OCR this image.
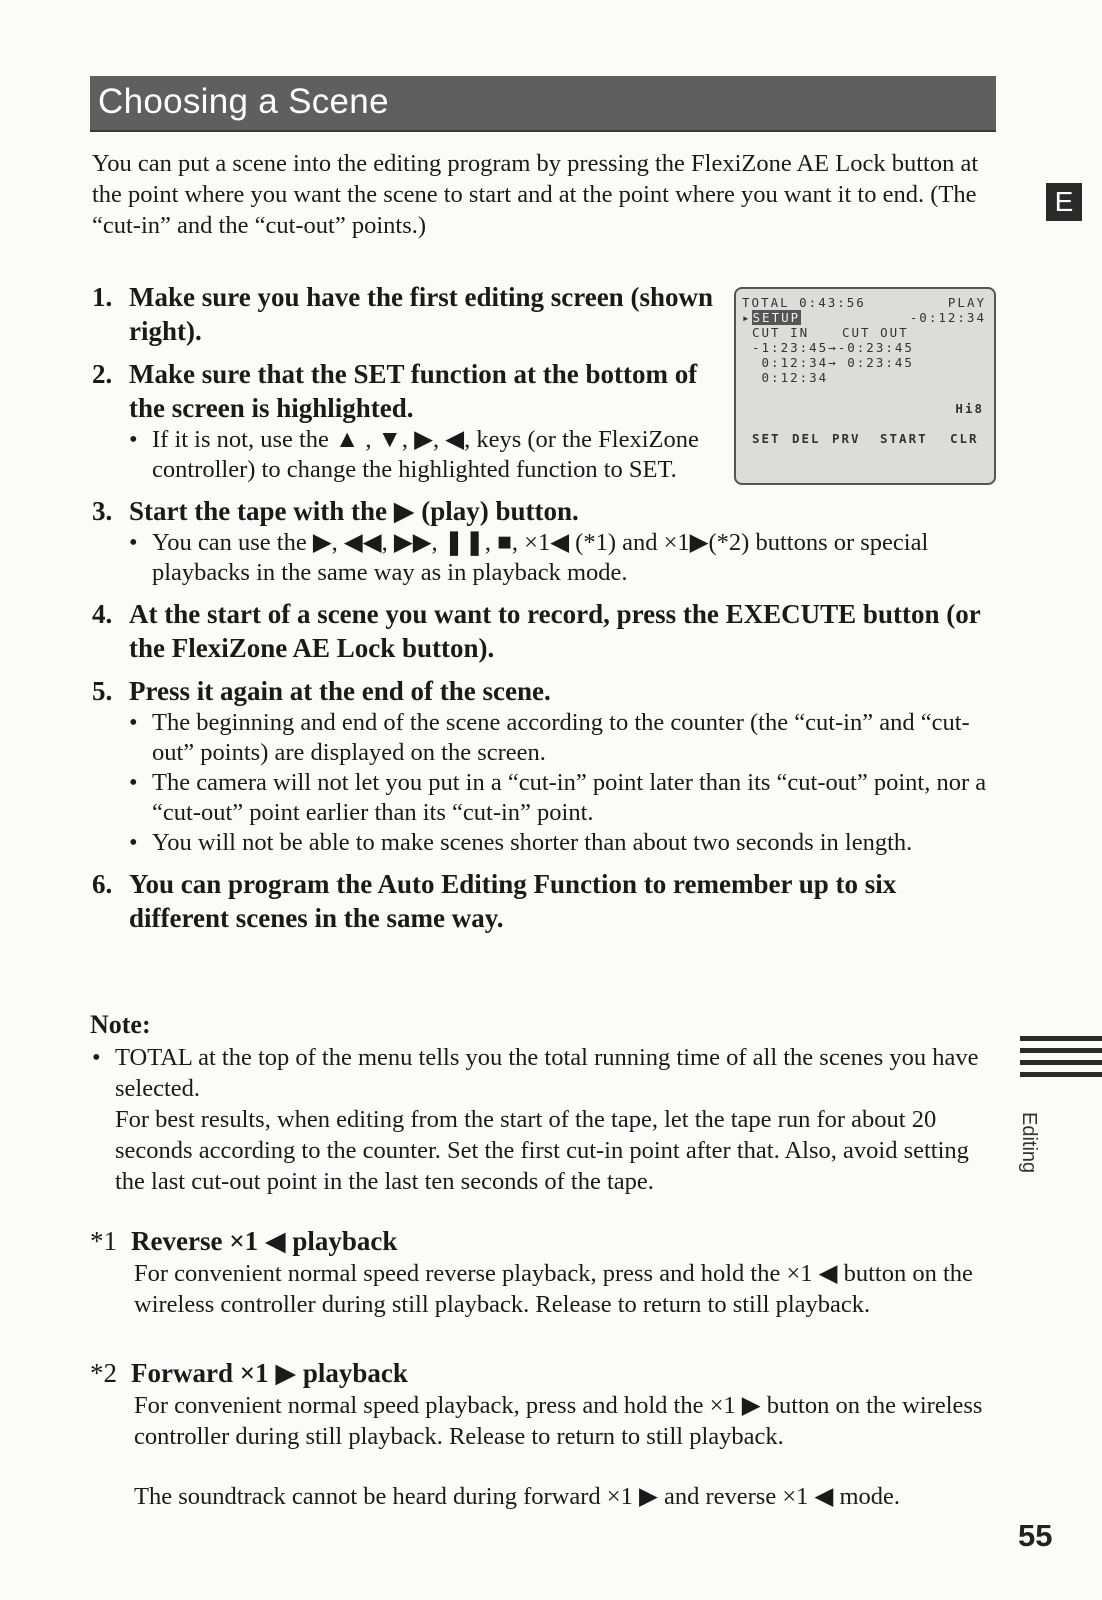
Choosing a Scene
E
You can put a scene into the editing program by pressing the FlexiZone AE Lock button at the point where you want the scene to start and at the point where you want it to end. (The “cut-in” and the “cut-out” points.)
1. Make sure you have the first editing screen (shown right).
2. Make sure that the SET function at the bottom of the screen is highlighted.
• If it is not, use the ▲ , ▼, ▶, ◀, keys (or the FlexiZone controller) to change the highlighted function to SET.
3. Start the tape with the ▶ (play) button.
• You can use the ▶, ◀◀, ▶▶, ❚❚, ■, ×1◀ (*1) and ×1▶(*2) buttons or special playbacks in the same way as in playback mode.
4. At the start of a scene you want to record, press the EXECUTE button (or the FlexiZone AE Lock button).
5. Press it again at the end of the scene.
• The beginning and end of the scene according to the counter (the “cut-in” and “cut-out” points) are displayed on the screen.
• The camera will not let you put in a “cut-in” point later than its “cut-out” point, nor a “cut-out” point earlier than its “cut-in” point.
• You will not be able to make scenes shorter than about two seconds in length.
6. You can program the Auto Editing Function to remember up to six different scenes in the same way.
TOTAL 0:43:56	PLAY
▸SETUP	-0:12:34
CUT IN	CUT OUT
-1:23:45→-0:23:45
0:12:34→ 0:23:45
0:12:34
Hi8
SET DEL PRV START CLR
Note:
• TOTAL at the top of the menu tells you the total running time of all the scenes you have selected.
For best results, when editing from the start of the tape, let the tape run for about 20 seconds according to the counter. Set the first cut-in point after that. Also, avoid setting the last cut-out point in the last ten seconds of the tape.
*1 Reverse ×1 ◀ playback
For convenient normal speed reverse playback, press and hold the ×1 ◀ button on the wireless controller during still playback. Release to return to still playback.
*2 Forward ×1 ▶ playback
For convenient normal speed playback, press and hold the ×1 ▶ button on the wireless controller during still playback. Release to return to still playback.
The soundtrack cannot be heard during forward ×1 ▶ and reverse ×1 ◀ mode.
Editing
55
